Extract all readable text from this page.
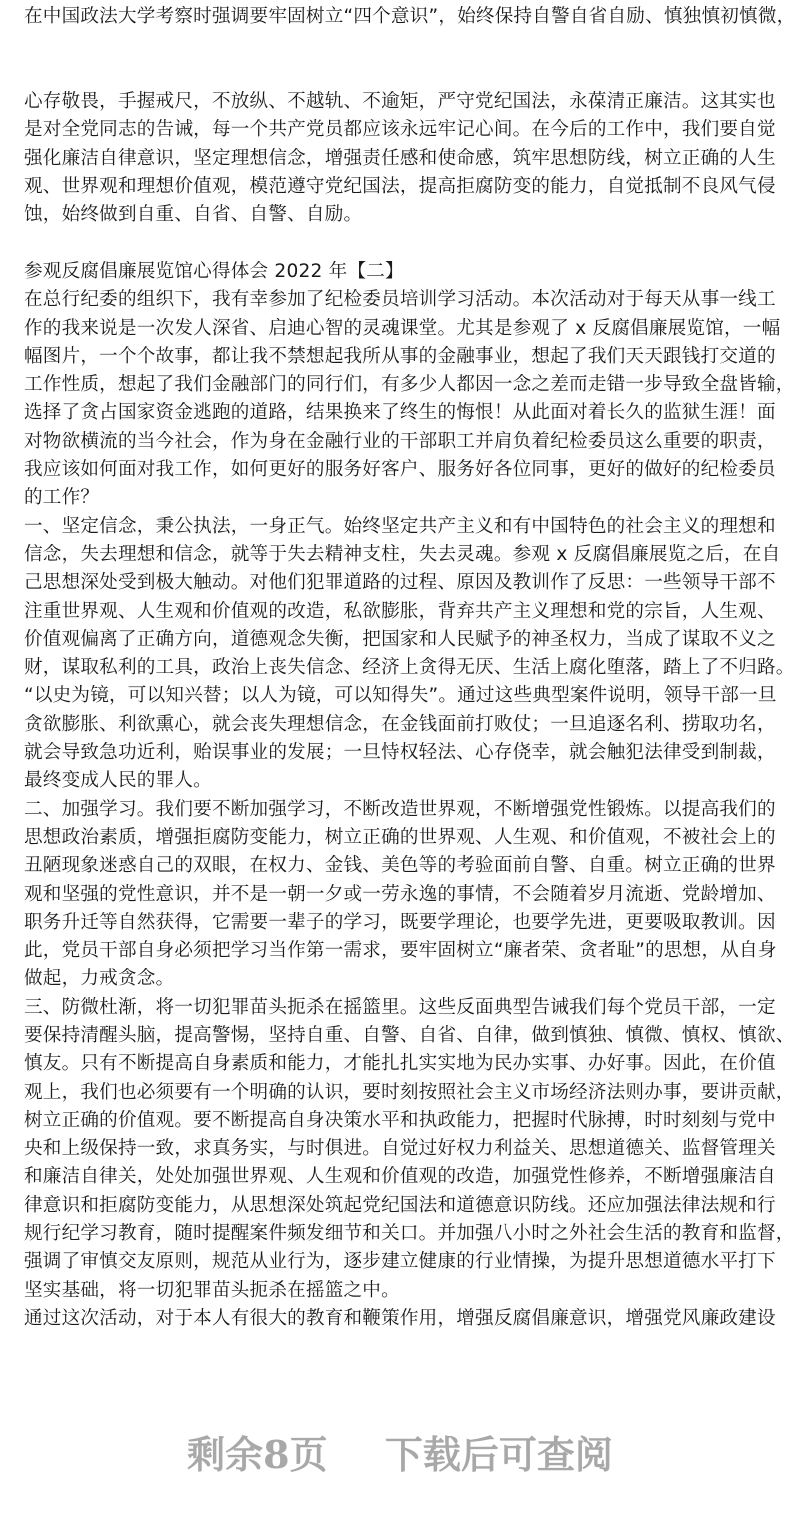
在中国政法大学考察时强调要牢固树立“四个意识”，始终保持自警自省自励、慎独慎初慎微，
心存敬畏，手握戒尺，不放纵、不越轨、不逾矩，严守党纪国法，永葆清正廉洁。这其实也
是对全党同志的告诫，每一个共产党员都应该永远牢记心间。在今后的工作中，我们要自觉
强化廉洁自律意识，坚定理想信念，增强责任感和使命感，筑牢思想防线，树立正确的人生
观、世界观和理想价值观，模范遵守党纪国法，提高拒腐防变的能力，自觉抵制不良风气侵
蚀，始终做到自重、自省、自警、自励。
参观反腐倡廉展览馆心得体会 2022 年【二】
在总行纪委的组织下，我有幸参加了纪检委员培训学习活动。本次活动对于每天从事一线工
作的我来说是一次发人深省、启迪心智的灵魂课堂。尤其是参观了 x 反腐倡廉展览馆，一幅
幅图片，一个个故事，都让我不禁想起我所从事的金融事业，想起了我们天天跟钱打交道的
工作性质，想起了我们金融部门的同行们，有多少人都因一念之差而走错一步导致全盘皆输，
选择了贪占国家资金逃跑的道路，结果换来了终生的悔恨！从此面对着长久的监狱生涯！面
对物欲横流的当今社会，作为身在金融行业的干部职工并肩负着纪检委员这么重要的职责，
我应该如何面对我工作，如何更好的服务好客户、服务好各位同事，更好的做好的纪检委员
的工作？
一、坚定信念，秉公执法，一身正气。始终坚定共产主义和有中国特色的社会主义的理想和
信念，失去理想和信念，就等于失去精神支柱，失去灵魂。参观 x 反腐倡廉展览之后，在自
己思想深处受到极大触动。对他们犯罪道路的过程、原因及教训作了反思：一些领导干部不
注重世界观、人生观和价值观的改造，私欲膨胀，背弃共产主义理想和党的宗旨，人生观、
价值观偏离了正确方向，道德观念失衡，把国家和人民赋予的神圣权力，当成了谋取不义之
财，谋取私利的工具，政治上丧失信念、经济上贪得无厌、生活上腐化堕落，踏上了不归路。
“以史为镜，可以知兴替；以人为镜，可以知得失”。通过这些典型案件说明，领导干部一旦
贪欲膨胀、利欲熏心，就会丧失理想信念，在金钱面前打败仗；一旦追逐名利、捞取功名，
就会导致急功近利，贻误事业的发展；一旦恃权轻法、心存侥幸，就会触犯法律受到制裁，
最终变成人民的罪人。
二、加强学习。我们要不断加强学习，不断改造世界观，不断增强党性锻炼。以提高我们的
思想政治素质，增强拒腐防变能力，树立正确的世界观、人生观、和价值观，不被社会上的
丑陋现象迷惑自己的双眼，在权力、金钱、美色等的考验面前自警、自重。树立正确的世界
观和坚强的党性意识，并不是一朝一夕或一劳永逸的事情，不会随着岁月流逝、党龄增加、
职务升迁等自然获得，它需要一辈子的学习，既要学理论，也要学先进，更要吸取教训。因
此，党员干部自身必须把学习当作第一需求，要牢固树立“廉者荣、贪者耻”的思想，从自身
做起，力戒贪念。
三、防微杜渐，将一切犯罪苗头扼杀在摇篮里。这些反面典型告诫我们每个党员干部，一定
要保持清醒头脑，提高警惕，坚持自重、自警、自省、自律，做到慎独、慎微、慎权、慎欲、
慎友。只有不断提高自身素质和能力，才能扎扎实实地为民办实事、办好事。因此，在价值
观上，我们也必须要有一个明确的认识，要时刻按照社会主义市场经济法则办事，要讲贡献，
树立正确的价值观。要不断提高自身决策水平和执政能力，把握时代脉搏，时时刻刻与党中
央和上级保持一致，求真务实，与时俱进。自觉过好权力利益关、思想道德关、监督管理关
和廉洁自律关，处处加强世界观、人生观和价值观的改造，加强党性修养，不断增强廉洁自
律意识和拒腐防变能力，从思想深处筑起党纪国法和道德意识防线。还应加强法律法规和行
规行纪学习教育，随时提醒案件频发细节和关口。并加强八小时之外社会生活的教育和监督，
强调了审慎交友原则，规范从业行为，逐步建立健康的行业情操，为提升思想道德水平打下
坚实基础，将一切犯罪苗头扼杀在摇篮之中。
通过这次活动，对于本人有很大的教育和鞭策作用，增强反腐倡廉意识，增强党风廉政建设
剩余8页 下载后可查阅
